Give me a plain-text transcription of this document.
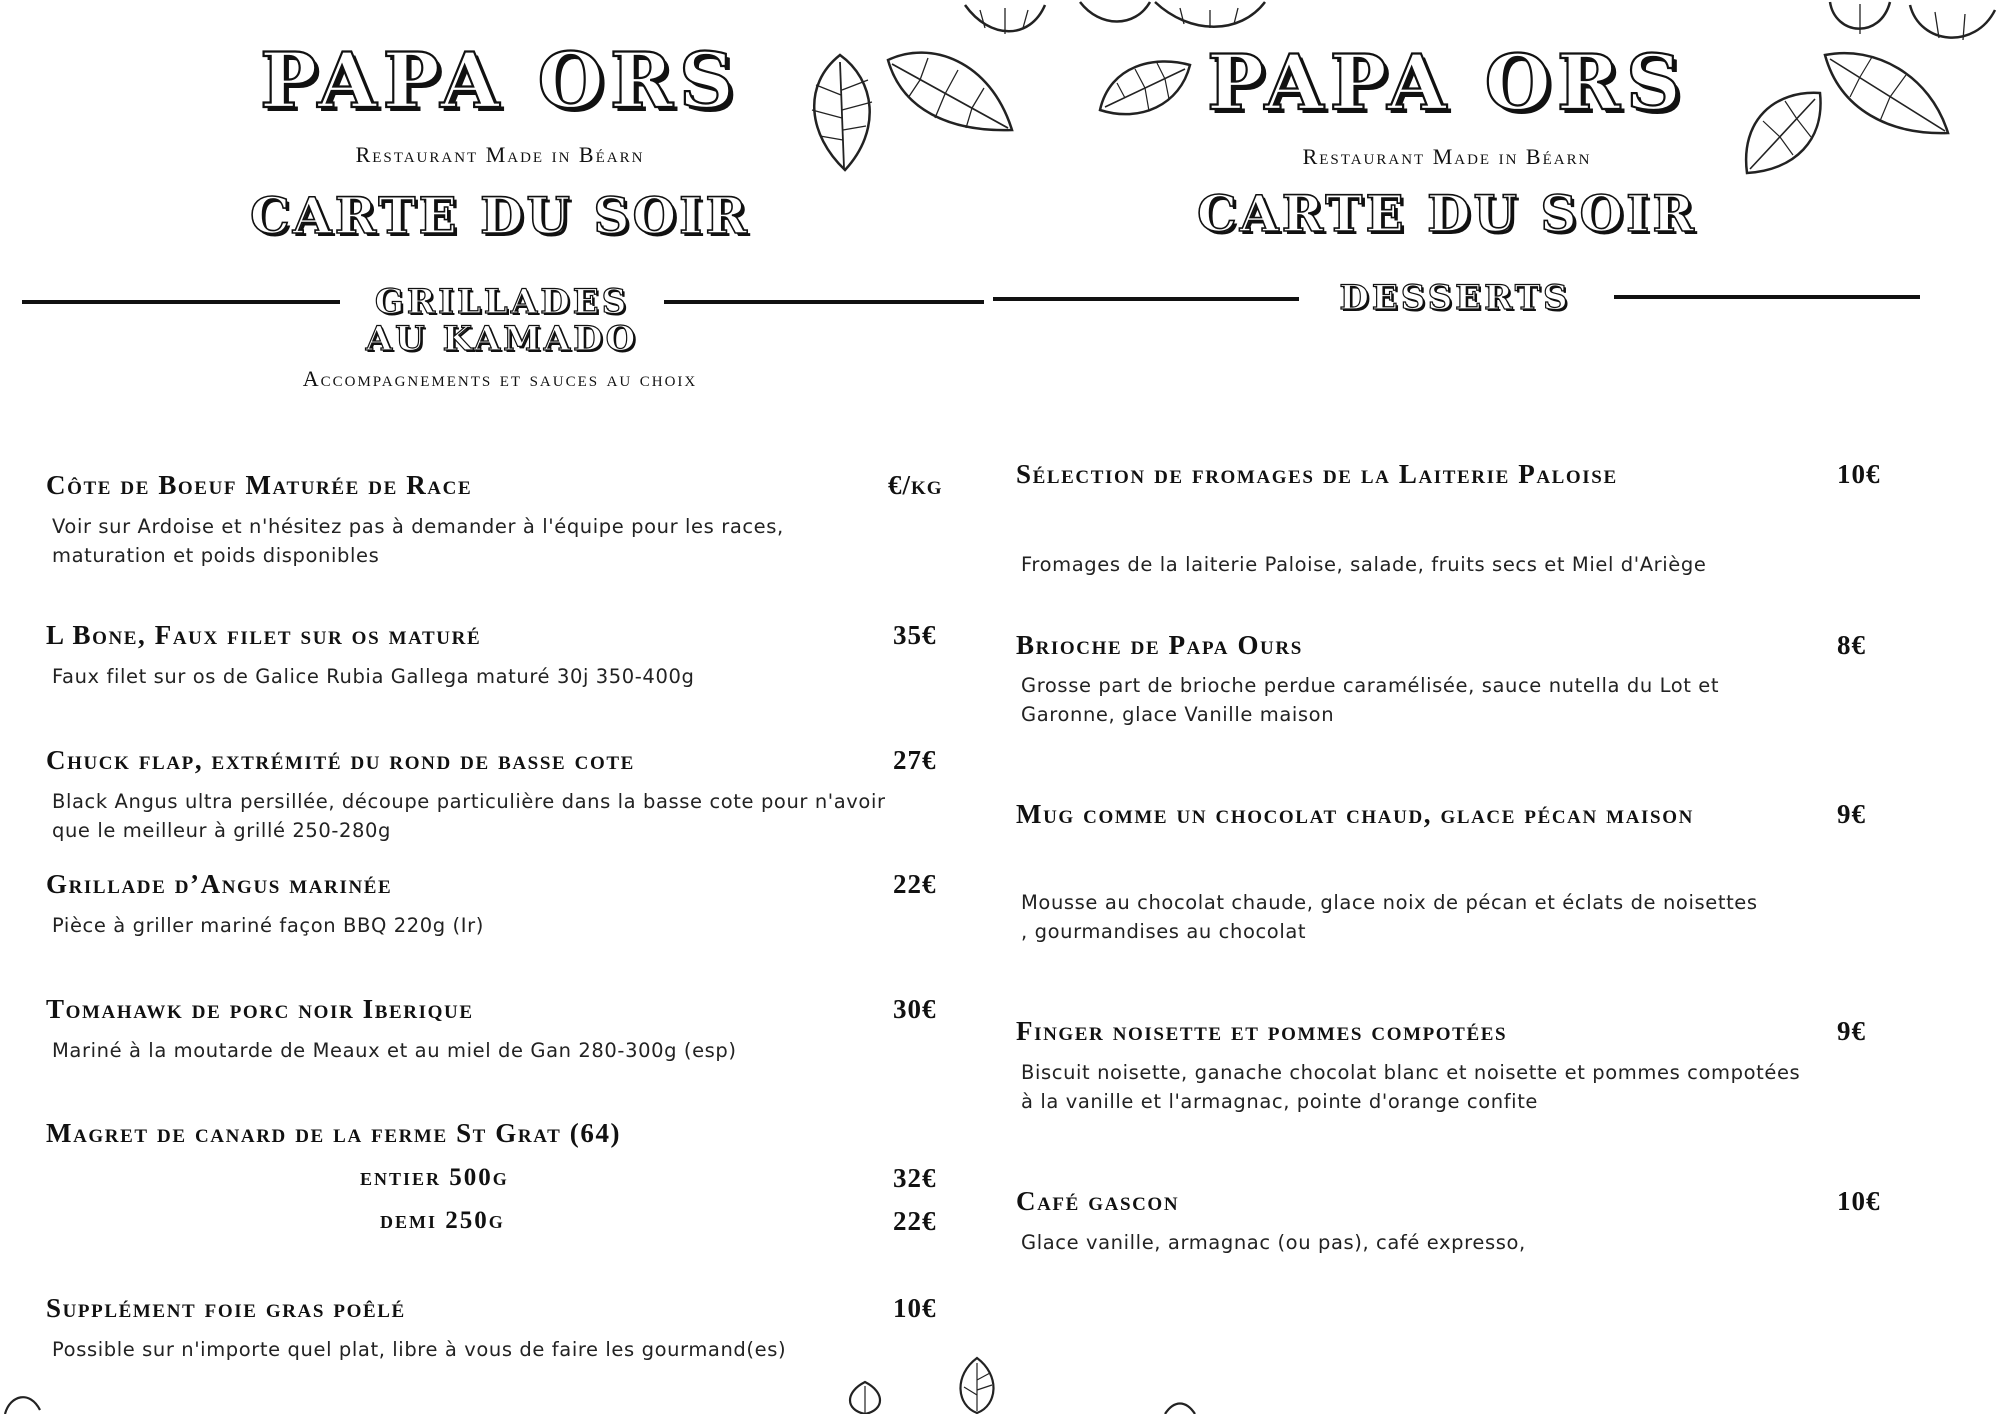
PAPA ORS
Restaurant Made in Béarn
CARTE DU SOIR
GRILLADES
AU KAMADO
Accompagnements et sauces au choix
Côte de Boeuf Maturée de Race	€/kg
Voir sur Ardoise et n'hésitez pas à demander à l'équipe pour les races, maturation et poids disponibles
L Bone, Faux filet sur os maturé	35€
Faux filet sur os de Galice Rubia Gallega maturé 30j 350-400g
Chuck flap, extrémité du rond de basse cote	27€
Black Angus ultra persillée, découpe particulière dans la basse cote pour n'avoir que le meilleur à grillé 250-280g
Grillade d’Angus marinée	22€
Pièce à griller mariné façon BBQ 220g (Ir)
Tomahawk de porc noir Iberique	30€
Mariné à la moutarde de Meaux et au miel de Gan 280-300g (esp)
Magret de canard de la ferme St Grat (64)
entier 500g	32€
demi 250g	22€
Supplément foie gras poêlé	10€
Possible sur n'importe quel plat, libre à vous de faire les gourmand(es)
PAPA ORS
Restaurant Made in Béarn
CARTE DU SOIR
DESSERTS
Sélection de fromages de la Laiterie Paloise	10€
Fromages de la laiterie Paloise, salade, fruits secs et Miel d'Ariège
Brioche de Papa Ours	8€
Grosse part de brioche perdue caramélisée, sauce nutella du Lot et Garonne, glace Vanille maison
Mug comme un chocolat chaud, glace pécan maison	9€
Mousse au chocolat chaude, glace noix de pécan et éclats de noisettes , gourmandises au chocolat
Finger noisette et pommes compotées	9€
Biscuit noisette, ganache chocolat blanc et noisette et pommes compotées à la vanille et l'armagnac, pointe d'orange confite
Café gascon	10€
Glace vanille, armagnac (ou pas), café expresso,
